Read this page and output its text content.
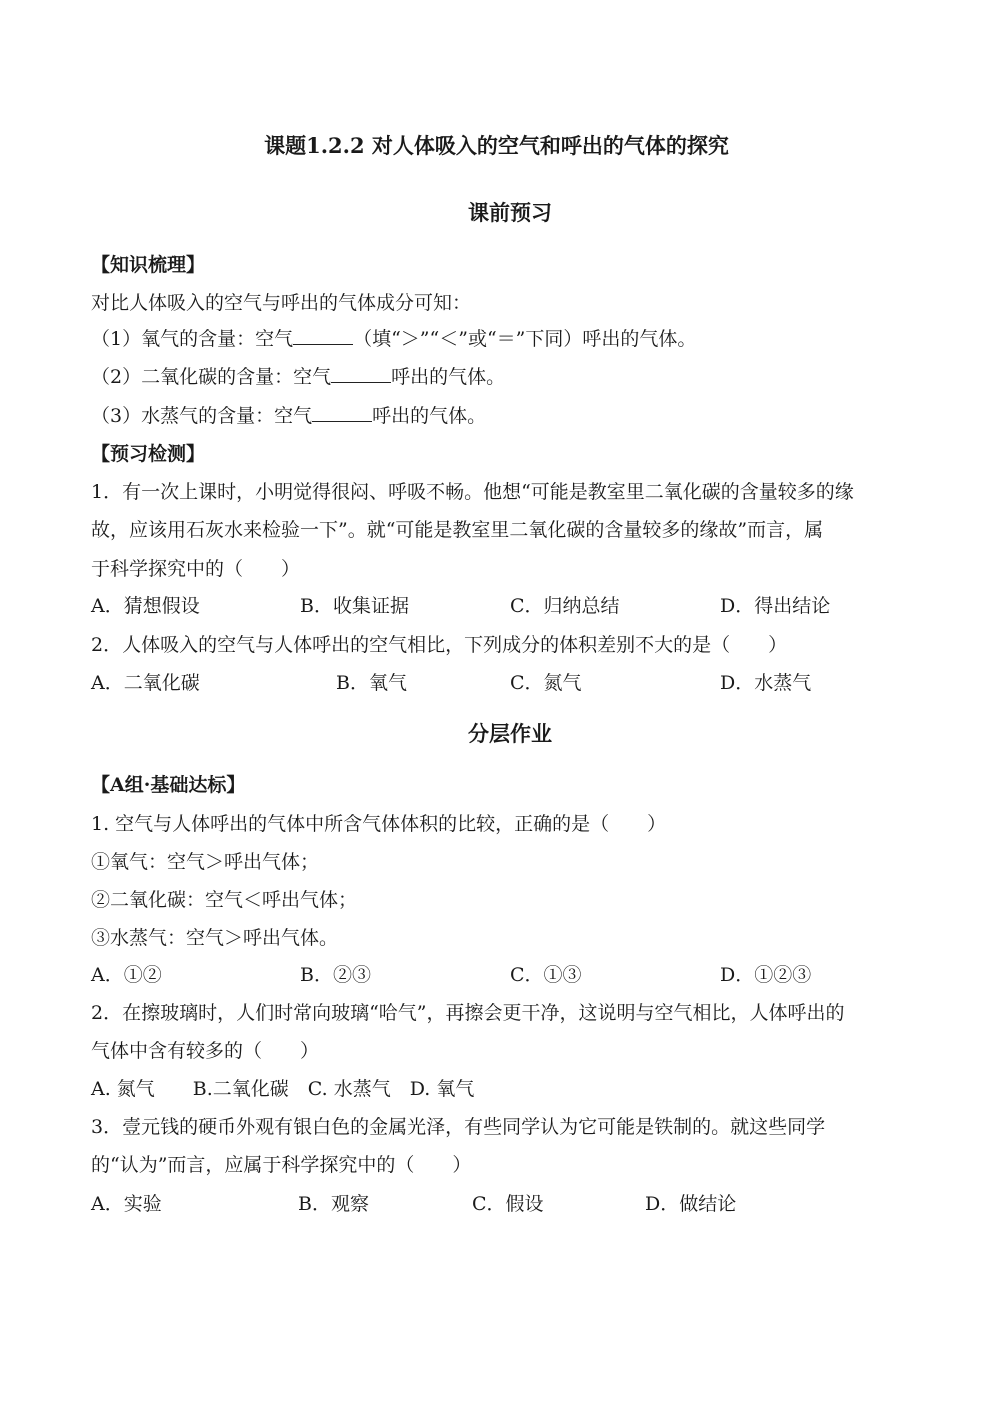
课题1.2.2 对人体吸入的空气和呼出的气体的探究
课前预习
【知识梳理】
对比人体吸入的空气与呼出的气体成分可知：
（1）氧气的含量：空气	（填“＞”“＜”或“＝”下同）呼出的气体。
（2）二氧化碳的含量：空气	呼出的气体。
（3）水蒸气的含量：空气	呼出的气体。
【预习检测】
1．有一次上课时，小明觉得很闷、呼吸不畅。他想“可能是教室里二氧化碳的含量较多的缘
故，应该用石灰水来检验一下”。就“可能是教室里二氧化碳的含量较多的缘故”而言，属
于科学探究中的（　　）
A．猜想假设	B．收集证据	C．归纳总结	D．得出结论
2．人体吸入的空气与人体呼出的空气相比，下列成分的体积差别不大的是（　　）
A．二氧化碳	B．氧气	C．氮气	D．水蒸气
分层作业
【A组·基础达标】
1. 空气与人体呼出的气体中所含气体体积的比较，正确的是（　　）
①氧气：空气＞呼出气体；
②二氧化碳：空气＜呼出气体；
③水蒸气：空气＞呼出气体。
A．①②	B．②③	C．①③	D．①②③
2．在擦玻璃时，人们时常向玻璃“哈气”，再擦会更干净，这说明与空气相比，人体呼出的
气体中含有较多的（　　）
A. 氮气　　B.二氧化碳　C. 水蒸气　D. 氧气
3．壹元钱的硬币外观有银白色的金属光泽，有些同学认为它可能是铁制的。就这些同学
的“认为”而言，应属于科学探究中的（　　）
A．实验	B．观察	C．假设	D．做结论
